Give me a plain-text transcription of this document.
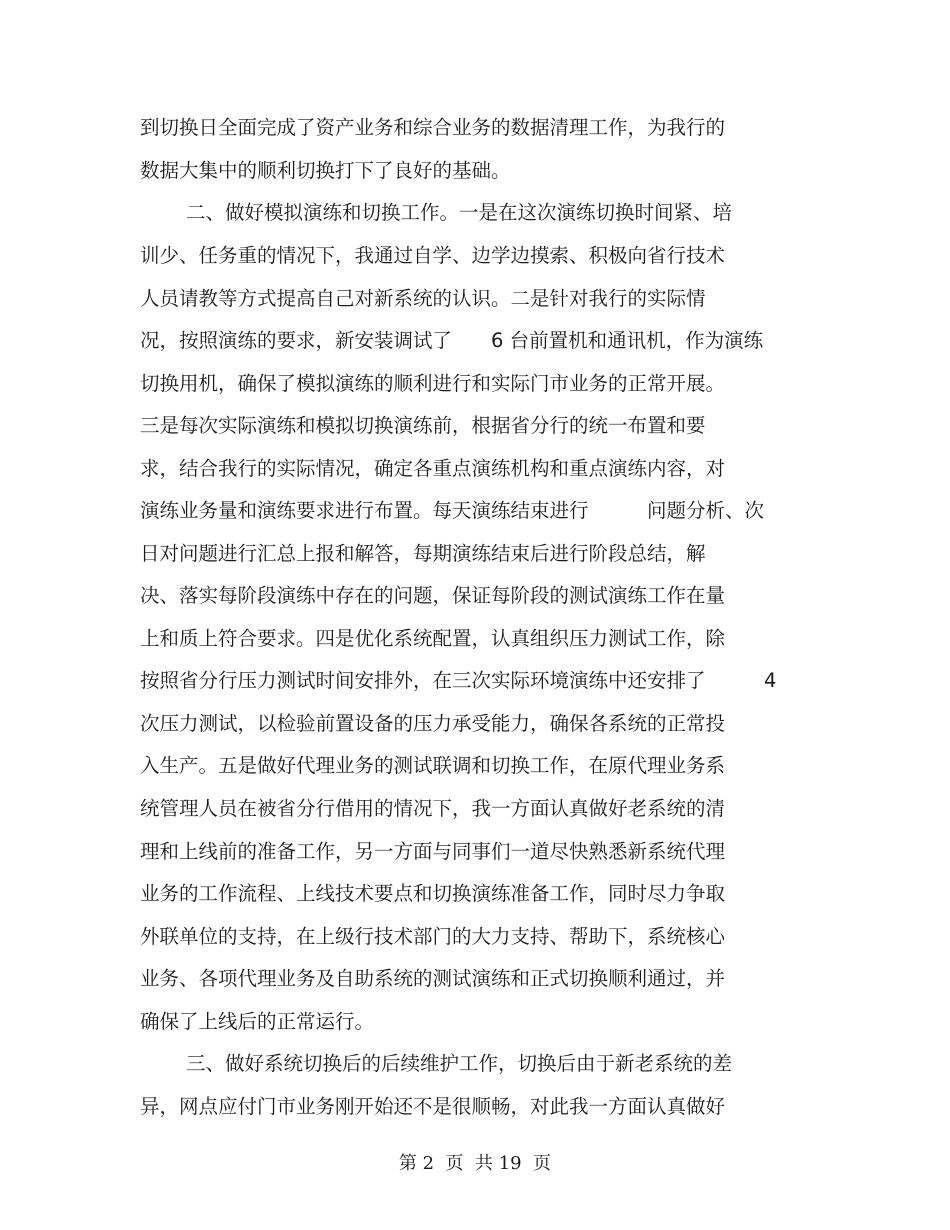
到切换日全面完成了资产业务和综合业务的数据清理工作，为我行的
数据大集中的顺利切换打下了良好的基础。
二、做好模拟演练和切换工作。一是在这次演练切换时间紧、培
训少、任务重的情况下，我通过自学、边学边摸索、积极向省行技术
人员请教等方式提高自己对新系统的认识。二是针对我行的实际情
况，按照演练的要求，新安装调试了　　6 台前置机和通讯机，作为演练
切换用机，确保了模拟演练的顺利进行和实际门市业务的正常开展。
三是每次实际演练和模拟切换演练前，根据省分行的统一布置和要
求，结合我行的实际情况，确定各重点演练机构和重点演练内容，对
演练业务量和演练要求进行布置。每天演练结束进行　　　问题分析、次
日对问题进行汇总上报和解答，每期演练结束后进行阶段总结，解
决、落实每阶段演练中存在的问题，保证每阶段的测试演练工作在量
上和质上符合要求。四是优化系统配置，认真组织压力测试工作，除
按照省分行压力测试时间安排外，在三次实际环境演练中还安排了　　　4
次压力测试，以检验前置设备的压力承受能力，确保各系统的正常投
入生产。五是做好代理业务的测试联调和切换工作，在原代理业务系
统管理人员在被省分行借用的情况下，我一方面认真做好老系统的清
理和上线前的准备工作，另一方面与同事们一道尽快熟悉新系统代理
业务的工作流程、上线技术要点和切换演练准备工作，同时尽力争取
外联单位的支持，在上级行技术部门的大力支持、帮助下，系统核心
业务、各项代理业务及自助系统的测试演练和正式切换顺利通过，并
确保了上线后的正常运行。
三、做好系统切换后的后续维护工作，切换后由于新老系统的差
异，网点应付门市业务刚开始还不是很顺畅，对此我一方面认真做好
第 2  页  共 19  页
